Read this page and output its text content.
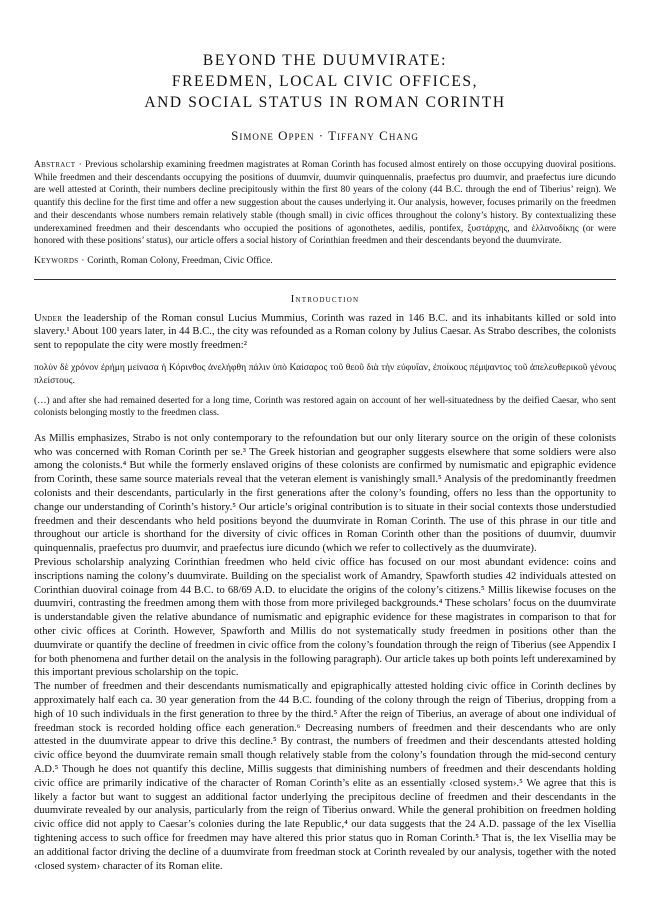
BEYOND THE DUUMVIRATE:
FREEDMEN, LOCAL CIVIC OFFICES,
AND SOCIAL STATUS IN ROMAN CORINTH
Simone Oppen · Tiffany Chang
Abstract · Previous scholarship examining freedmen magistrates at Roman Corinth has focused almost entirely on those occupying duoviral positions. While freedmen and their descendants occupying the positions of duumvir, duumvir quinquennalis, praefectus pro duumvir, and praefectus iure dicundo are well attested at Corinth, their numbers decline precipitously within the first 80 years of the colony (44 B.C. through the end of Tiberius’ reign). We quantify this decline for the first time and offer a new suggestion about the causes underlying it. Our analysis, however, focuses primarily on the freedmen and their descendants whose numbers remain relatively stable (though small) in civic offices throughout the colony’s history. By contextualizing these underexamined freedmen and their descendants who occupied the positions of agonothetes, aedilis, pontifex, ξυστάρχης, and ἑλλανοδίκης (or were honored with these positions’ status), our article offers a social history of Corinthian freedmen and their descendants beyond the duumvirate.
Keywords · Corinth, Roman Colony, Freedman, Civic Office.
Introduction
Under the leadership of the Roman consul Lucius Mummius, Corinth was razed in 146 B.C. and its inhabitants killed or sold into slavery.¹ About 100 years later, in 44 B.C., the city was refounded as a Roman colony by Julius Caesar. As Strabo describes, the colonists sent to repopulate the city were mostly freedmen:²
πολὺν δὲ χρόνον ἐρήμη μείνασα ἡ Κόρινθος ἀνελήφθη πάλιν ὑπὸ Καίσαρος τοῦ θεοῦ διὰ τὴν εὐφυΐαν, ἐποίκους πέμψαντος τοῦ ἀπελευθερικοῦ γένους πλείστους.
(…) and after she had remained deserted for a long time, Corinth was restored again on account of her well-situatedness by the deified Caesar, who sent colonists belonging mostly to the freedmen class.
As Millis emphasizes, Strabo is not only contemporary to the refoundation but our only literary source on the origin of these colonists who was concerned with Roman Corinth per se.³ The Greek historian and geographer suggests elsewhere that some soldiers were also among the colonists.⁴ But while the formerly enslaved origins of these colonists are confirmed by numismatic and epigraphic evidence from Corinth, these same source materials reveal that the veteran element is vanishingly small.⁵ Analysis of the predominantly freedmen colonists and their descendants, particularly in the first generations after the colony’s founding, offers no less than the opportunity to change our understanding of Corinth’s history.⁵ Our article’s original contribution is to situate in their social contexts those understudied freedmen and their descendants who held positions beyond the duumvirate in Roman Corinth. The use of this phrase in our title and throughout our article is shorthand for the diversity of civic offices in Roman Corinth other than the positions of duumvir, duumvir quinquennalis, praefectus pro duumvir, and praefectus iure dicundo (which we refer to collectively as the duumvirate).
Previous scholarship analyzing Corinthian freedmen who held civic office has focused on our most abundant evidence: coins and inscriptions naming the colony’s duumvirate. Building on the specialist work of Amandry, Spawforth studies 42 individuals attested on Corinthian duoviral coinage from 44 B.C. to 68/69 A.D. to elucidate the origins of the colony’s citizens.⁵ Millis likewise focuses on the duumviri, contrasting the freedmen among them with those from more privileged backgrounds.⁴ These scholars’ focus on the duumvirate is understandable given the relative abundance of numismatic and epigraphic evidence for these magistrates in comparison to that for other civic offices at Corinth. However, Spawforth and Millis do not systematically study freedmen in positions other than the duumvirate or quantify the decline of freedmen in civic office from the colony’s foundation through the reign of Tiberius (see Appendix I for both phenomena and further detail on the analysis in the following paragraph). Our article takes up both points left underexamined by this important previous scholarship on the topic.
The number of freedmen and their descendants numismatically and epigraphically attested holding civic office in Corinth declines by approximately half each ca. 30 year generation from the 44 B.C. founding of the colony through the reign of Tiberius, dropping from a high of 10 such individuals in the first generation to three by the third.⁵ After the reign of Tiberius, an average of about one individual of freedman stock is recorded holding office each generation.⁶ Decreasing numbers of freedmen and their descendants who are only attested in the duumvirate appear to drive this decline.⁵ By contrast, the numbers of freedmen and their descendants attested holding civic office beyond the duumvirate remain small though relatively stable from the colony’s foundation through the mid-second century A.D.⁵ Though he does not quantify this decline, Millis suggests that diminishing numbers of freedmen and their descendants holding civic office are primarily indicative of the character of Roman Corinth’s elite as an essentially ‹closed system›.⁵ We agree that this is likely a factor but want to suggest an additional factor underlying the precipitous decline of freedmen and their descendants in the duumvirate revealed by our analysis, particularly from the reign of Tiberius onward. While the general prohibition on freedmen holding civic office did not apply to Caesar’s colonies during the late Republic,⁴ our data suggests that the 24 A.D. passage of the lex Visellia tightening access to such office for freedmen may have altered this prior status quo in Roman Corinth.⁵ That is, the lex Visellia may be an additional factor driving the decline of a duumvirate from freedman stock at Corinth revealed by our analysis, together with the noted ‹closed system› character of its Roman elite.
